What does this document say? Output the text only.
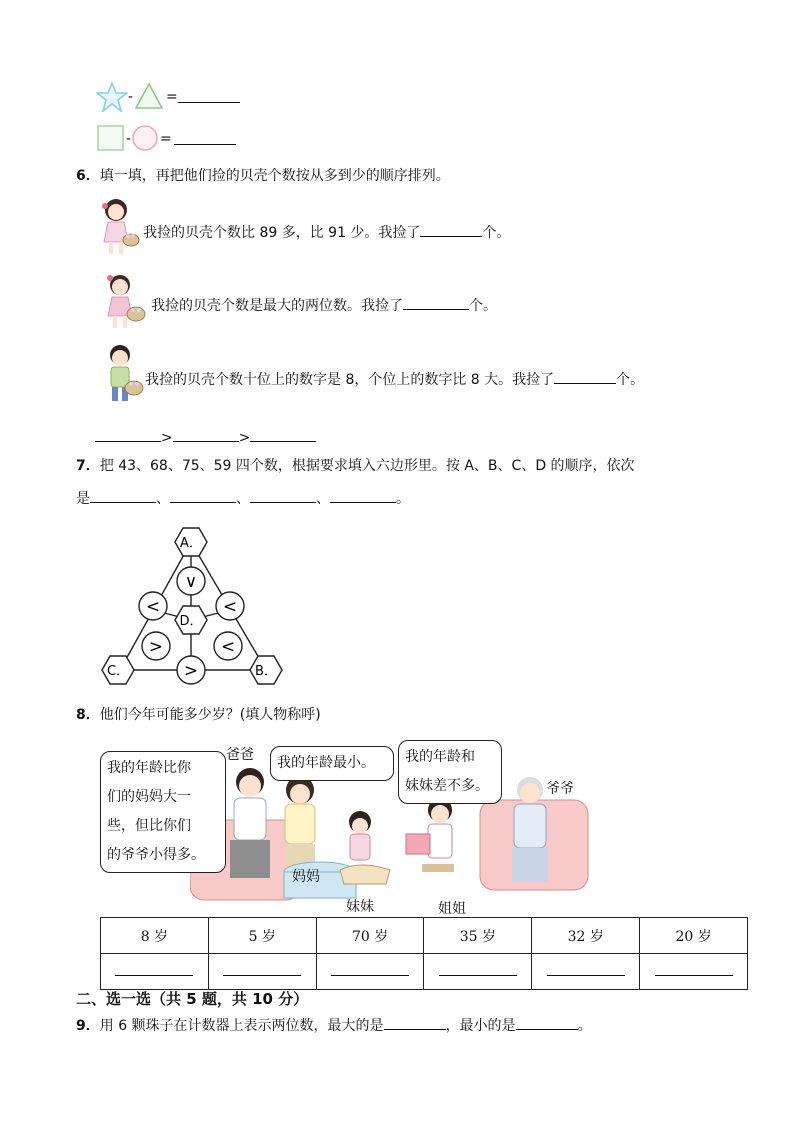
- =
- =
6．填一填，再把他们捡的贝壳个数按从多到少的顺序排列。
我捡的贝壳个数比 89 多，比 91 少。我捡了	个。
我捡的贝壳个数是最大的两位数。我捡了	个。
我捡的贝壳个数十位上的数字是 8，个位上的数字比 8 大。我捡了	个。
>	>
7．把 43、68、75、59 四个数，根据要求填入六边形里。按 A、B、C、D 的顺序，依次
是	、	、	、	。
A．
D．
C．	B．
∨
<	<
>	<
>
8．他们今年可能多少岁？(填人物称呼)
我的年龄比你
们的妈妈大一
些，但比你们
的爷爷小得多。
我的年龄最小。	我的年龄和
妹妹差不多。
爸爸
爷爷
妈妈
妹妹	姐姐
8 岁	5 岁	70 岁	35 岁	32 岁	20 岁

二、选一选（共 5 题，共 10 分）
9．用 6 颗珠子在计数器上表示两位数，最大的是	，最小的是	。
